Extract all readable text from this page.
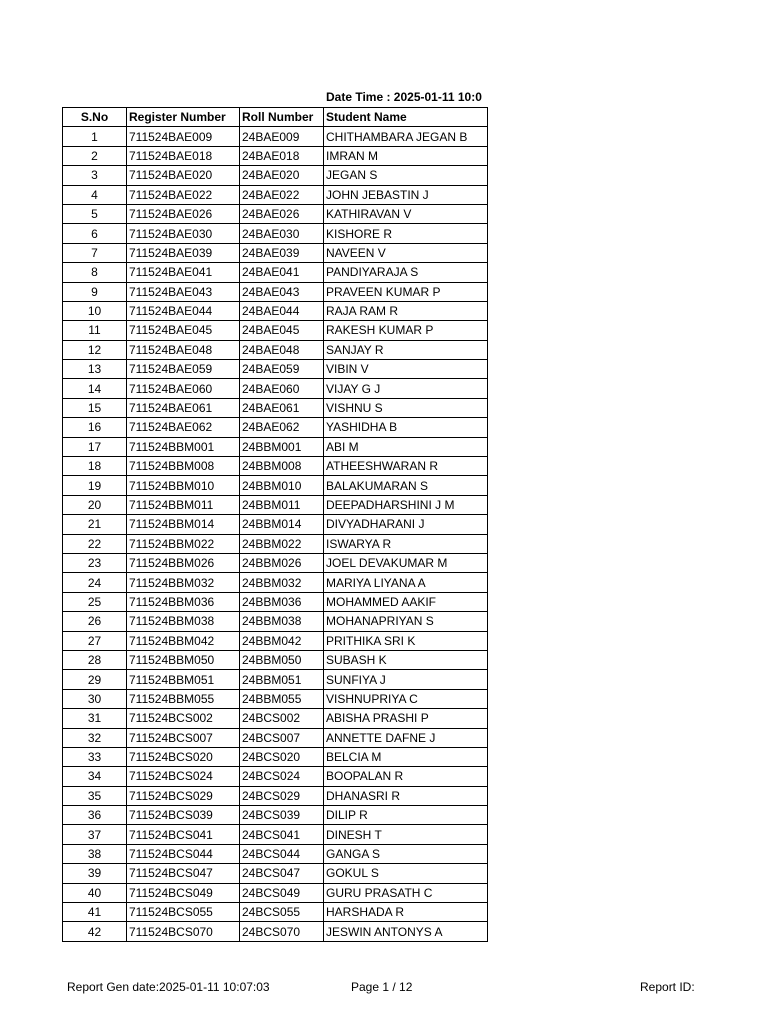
Date Time : 2025-01-11 10:0
S.No	Register Number	Roll Number	Student Name
1	711524BAE009	24BAE009	CHITHAMBARA JEGAN B
2	711524BAE018	24BAE018	IMRAN M
3	711524BAE020	24BAE020	JEGAN S
4	711524BAE022	24BAE022	JOHN JEBASTIN J
5	711524BAE026	24BAE026	KATHIRAVAN V
6	711524BAE030	24BAE030	KISHORE R
7	711524BAE039	24BAE039	NAVEEN V
8	711524BAE041	24BAE041	PANDIYARAJA S
9	711524BAE043	24BAE043	PRAVEEN KUMAR P
10	711524BAE044	24BAE044	RAJA RAM R
11	711524BAE045	24BAE045	RAKESH KUMAR P
12	711524BAE048	24BAE048	SANJAY R
13	711524BAE059	24BAE059	VIBIN V
14	711524BAE060	24BAE060	VIJAY G J
15	711524BAE061	24BAE061	VISHNU S
16	711524BAE062	24BAE062	YASHIDHA B
17	711524BBM001	24BBM001	ABI M
18	711524BBM008	24BBM008	ATHEESHWARAN R
19	711524BBM010	24BBM010	BALAKUMARAN S
20	711524BBM011	24BBM011	DEEPADHARSHINI J M
21	711524BBM014	24BBM014	DIVYADHARANI J
22	711524BBM022	24BBM022	ISWARYA R
23	711524BBM026	24BBM026	JOEL DEVAKUMAR M
24	711524BBM032	24BBM032	MARIYA LIYANA A
25	711524BBM036	24BBM036	MOHAMMED AAKIF
26	711524BBM038	24BBM038	MOHANAPRIYAN S
27	711524BBM042	24BBM042	PRITHIKA SRI K
28	711524BBM050	24BBM050	SUBASH K
29	711524BBM051	24BBM051	SUNFIYA J
30	711524BBM055	24BBM055	VISHNUPRIYA C
31	711524BCS002	24BCS002	ABISHA PRASHI P
32	711524BCS007	24BCS007	ANNETTE DAFNE J
33	711524BCS020	24BCS020	BELCIA M
34	711524BCS024	24BCS024	BOOPALAN R
35	711524BCS029	24BCS029	DHANASRI R
36	711524BCS039	24BCS039	DILIP R
37	711524BCS041	24BCS041	DINESH T
38	711524BCS044	24BCS044	GANGA S
39	711524BCS047	24BCS047	GOKUL S
40	711524BCS049	24BCS049	GURU PRASATH C
41	711524BCS055	24BCS055	HARSHADA R
42	711524BCS070	24BCS070	JESWIN ANTONYS A
Report Gen date:2025-01-11 10:07:03	Page 1 / 12	Report ID:
